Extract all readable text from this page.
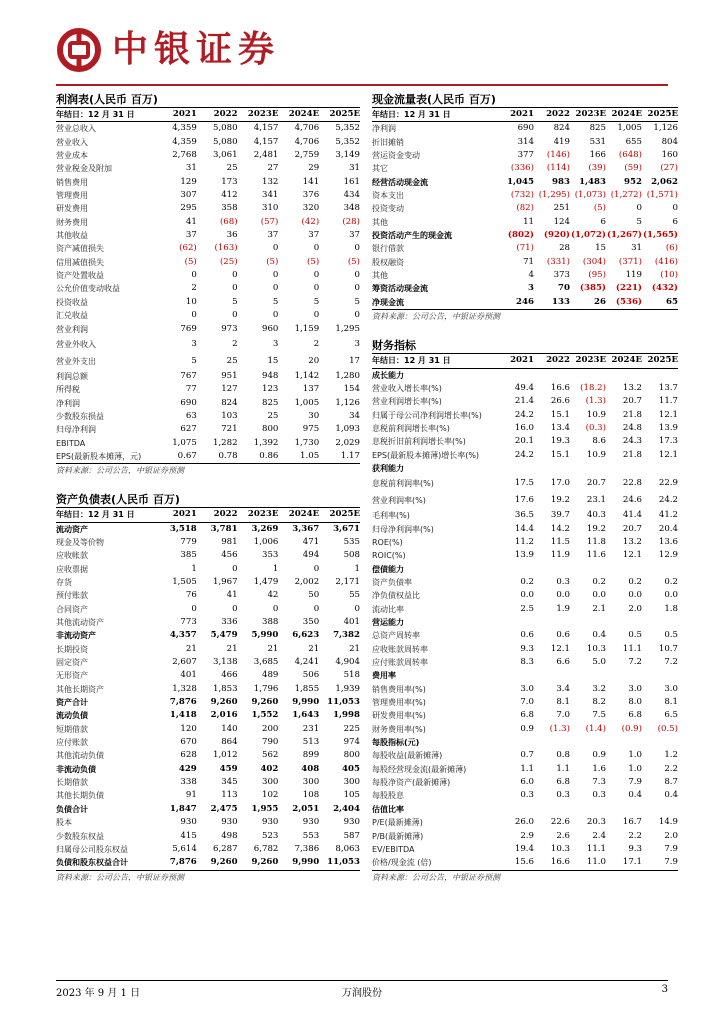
中银证券
利润表(人民币 百万)
年结日：12 月 31 日	2021	2022	2023E	2024E	2025E
营业总收入	4,359	5,080	4,157	4,706	5,352
营业收入	4,359	5,080	4,157	4,706	5,352
营业成本	2,768	3,061	2,481	2,759	3,149
营业税金及附加	31	25	27	29	31
销售费用	129	173	132	141	161
管理费用	307	412	341	376	434
研发费用	295	358	310	320	348
财务费用	41	(68)	(57)	(42)	(28)
其他收益	37	36	37	37	37
资产减值损失	(62)	(163)	0	0	0
信用减值损失	(5)	(25)	(5)	(5)	(5)
资产处置收益	0	0	0	0	0
公允价值变动收益	2	0	0	0	0
投资收益	10	5	5	5	5
汇兑收益	0	0	0	0	0
营业利润	769	973	960	1,159	1,295
营业外收入	3	2	3	2	3
营业外支出	5	25	15	20	17
利润总额	767	951	948	1,142	1,280
所得税	77	127	123	137	154
净利润	690	824	825	1,005	1,126
少数股东损益	63	103	25	30	34
归母净利润	627	721	800	975	1,093
EBITDA	1,075	1,282	1,392	1,730	2,029
EPS(最新股本摊薄，元)	0.67	0.78	0.86	1.05	1.17
资料来源：公司公告，中银证券预测
资产负债表(人民币 百万)
年结日：12 月 31 日	2021	2022	2023E	2024E	2025E
流动资产	3,518	3,781	3,269	3,367	3,671
现金及等价物	779	981	1,006	471	535
应收帐款	385	456	353	494	508
应收票据	1	0	1	0	1
存货	1,505	1,967	1,479	2,002	2,171
预付账款	76	41	42	50	55
合同资产	0	0	0	0	0
其他流动资产	773	336	388	350	401
非流动资产	4,357	5,479	5,990	6,623	7,382
长期投资	21	21	21	21	21
固定资产	2,607	3,138	3,685	4,241	4,904
无形资产	401	466	489	506	518
其他长期资产	1,328	1,853	1,796	1,855	1,939
资产合计	7,876	9,260	9,260	9,990	11,053
流动负债	1,418	2,016	1,552	1,643	1,998
短期借款	120	140	200	231	225
应付账款	670	864	790	513	974
其他流动负债	628	1,012	562	899	800
非流动负债	429	459	402	408	405
长期借款	338	345	300	300	300
其他长期负债	91	113	102	108	105
负债合计	1,847	2,475	1,955	2,051	2,404
股本	930	930	930	930	930
少数股东权益	415	498	523	553	587
归属母公司股东权益	5,614	6,287	6,782	7,386	8,063
负债和股东权益合计	7,876	9,260	9,260	9,990	11,053
资料来源：公司公告，中银证券预测
现金流量表(人民币 百万)
年结日：12 月 31 日	2021	2022	2023E	2024E	2025E
净利润	690	824	825	1,005	1,126
折旧摊销	314	419	531	655	804
营运资金变动	377	(146)	166	(648)	160
其它	(336)	(114)	(39)	(59)	(27)
经营活动现金流	1,045	983	1,483	952	2,062
资本支出	(732)	(1,295)	(1,073)	(1,272)	(1,571)
投资变动	(82)	251	(5)	0	0
其他	11	124	6	5	6
投资活动产生的现金流	(802)	(920)	(1,072)	(1,267)	(1,565)
银行借款	(71)	28	15	31	(6)
股权融资	71	(331)	(304)	(371)	(416)
其他	4	373	(95)	119	(10)
筹资活动现金流	3	70	(385)	(221)	(432)
净现金流	246	133	26	(536)	65
资料来源：公司公告，中银证券预测
财务指标
年结日：12 月 31 日	2021	2022	2023E	2024E	2025E
成长能力					
营业收入增长率(%)	49.4	16.6	(18.2)	13.2	13.7
营业利润增长率(%)	21.4	26.6	(1.3)	20.7	11.7
归属于母公司净利润增长率(%)	24.2	15.1	10.9	21.8	12.1
息税前利润增长率(%)	16.0	13.4	(0.3)	24.8	13.9
息税折旧前利润增长率(%)	20.1	19.3	8.6	24.3	17.3
EPS(最新股本摊薄)增长率(%)	24.2	15.1	10.9	21.8	12.1
获利能力					
息税前利润率(%)	17.5	17.0	20.7	22.8	22.9
营业利润率(%)	17.6	19.2	23.1	24.6	24.2
毛利率(%)	36.5	39.7	40.3	41.4	41.2
归母净利润率(%)	14.4	14.2	19.2	20.7	20.4
ROE(%)	11.2	11.5	11.8	13.2	13.6
ROIC(%)	13.9	11.9	11.6	12.1	12.9
偿债能力					
资产负债率	0.2	0.3	0.2	0.2	0.2
净负债权益比	0.0	0.0	0.0	0.0	0.0
流动比率	2.5	1.9	2.1	2.0	1.8
营运能力					
总资产周转率	0.6	0.6	0.4	0.5	0.5
应收账款周转率	9.3	12.1	10.3	11.1	10.7
应付账款周转率	8.3	6.6	5.0	7.2	7.2
费用率					
销售费用率(%)	3.0	3.4	3.2	3.0	3.0
管理费用率(%)	7.0	8.1	8.2	8.0	8.1
研发费用率(%)	6.8	7.0	7.5	6.8	6.5
财务费用率(%)	0.9	(1.3)	(1.4)	(0.9)	(0.5)
每股指标(元)					
每股收益(最新摊薄)	0.7	0.8	0.9	1.0	1.2
每股经营现金流(最新摊薄)	1.1	1.1	1.6	1.0	2.2
每股净资产(最新摊薄)	6.0	6.8	7.3	7.9	8.7
每股股息	0.3	0.3	0.3	0.4	0.4
估值比率					
P/E(最新摊薄)	26.0	22.6	20.3	16.7	14.9
P/B(最新摊薄)	2.9	2.6	2.4	2.2	2.0
EV/EBITDA	19.4	10.3	11.1	9.3	7.9
价格/现金流 (倍)	15.6	16.6	11.0	17.1	7.9
资料来源：公司公告，中银证券预测
2023 年 9 月 1 日	万润股份	3
